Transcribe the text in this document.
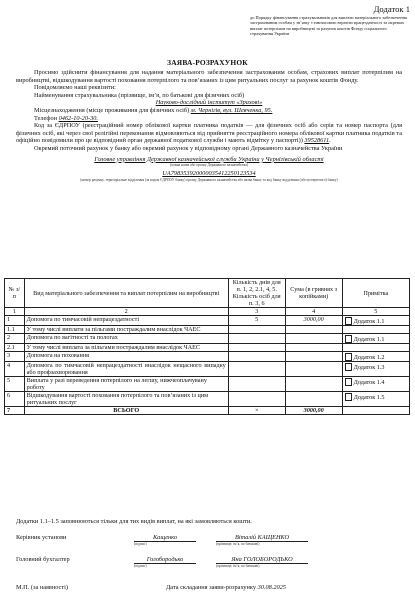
Додаток 1
до Порядку фінансування страхувальників для виплати матеріального забезпечення застрахованим особам у зв’язку з тимчасовою втратою працездатності та окремих виплат потерпілим на виробництві за рахунок коштів Фонду соціального страхування України
ЗАЯВА-РОЗРАХУНОК

Просимо здійснити фінансування для надання матеріального забезпечення застрахованим особам, страхових виплат потерпілим на виробництві, відшкодування вартості поховання потерпілого та пов’язаних із цим ритуальних послуг за рахунок коштів Фонду.

Повідомляємо наші реквізити:

Найменування страхувальника (прізвище, ім’я, по батькові для фізичних осіб)

Науково-дослідний інститут «Зрахові»

Місцезнаходження (місце проживання для фізичних осіб) м. Чернігів, вул. Шевченка, 95.

Телефон 0462-10-20-30.

Код за ЄДРПОУ (реєстраційний номер облікової картки платника податків — для фізичних осіб або серія та номер паспорта (для фізичних осіб, які через свої релігійні переконання відмовляються від прийняття реєстраційного номера облікової картки платника податків та офіційно повідомили про це відповідний орган державної податкової служби і мають відмітку у паспорті)) 39528611.

Окремий поточний рахунок у банку або окремий рахунок у відповідному органі Державного казначейства України

Головне управління Державної казначейської служби України у Чернігівській області
(повна назва або органу Державного казначейства)
UA798353920000035412250123534
(номер рахунку, територіальне відділення (за кодом ЄДРПОУ банку) органу Державного казначейства або назва банку та код банку відділення (обслуговуючого) банку)
№ з/п	Вид матеріального забезпечення та виплат потерпілим на виробництві	Кількість днів для п. 1, 2, 2.1, 4, 5. Кількість осіб для п. 3, 6	Сума (в гривнях з копійками)	Примітка
1	2	3	4	5
1	Допомога по тимчасовій непрацездатності	5	3000,00	Додаток 1.1

1.1	У тому числі виплати за пільгами постраждалим внаслідок ЧАЕС			
2	Допомога по вагітності та пологах			Додаток 1.1

2.1	У тому числі виплата за пільгами постраждалим внаслідок ЧАЕС			
3	Допомога на поховання			Додаток 1.2

4	Допомога по тимчасовій непрацездатності внаслідок нещасного випадку або профзахворювання			Додаток 1.3

5	Виплата у разі переведення потерпілого на легшу, нижчеоплачувану роботу			Додаток 1.4

6	Відшкодування вартості поховання потерпілого та пов’язаних із цим ритуальних послуг			Додаток 1.5

7	ВСЬОГО	×	3000,00	
Додатки 1.1–1.5 заповнюються тільки для тих видів виплат, на які замовляються кошти.
Керівник установи	Кащенко
(підпис)
Віталій КАЩЕНКО
(прізвище, ім’я, по батькові)
Головний бухгалтер	Голобородько
(підпис)
Яна ГОЛОБОРОДЬКО
(прізвище, ім’я, по батькові)
М.П. (за наявності)	Дата складання заяви-розрахунку 30.08.2025
